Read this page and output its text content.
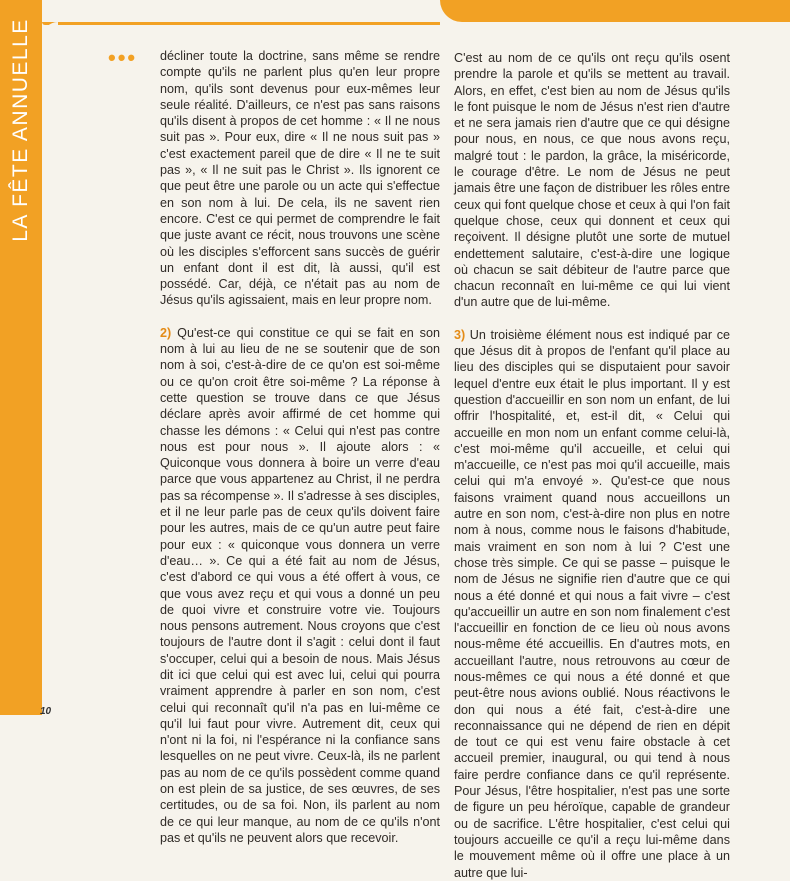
LA FÊTE ANNUELLE
10
••• décliner toute la doctrine, sans même se rendre compte qu'ils ne parlent plus qu'en leur propre nom, qu'ils sont devenus pour eux-mêmes leur seule réalité. D'ailleurs, ce n'est pas sans raisons qu'ils disent à propos de cet homme : « Il ne nous suit pas ». Pour eux, dire « Il ne nous suit pas » c'est exactement pareil que de dire « Il ne te suit pas », « Il ne suit pas le Christ ». Ils ignorent ce que peut être une parole ou un acte qui s'effectue en son nom à lui. De cela, ils ne savent rien encore. C'est ce qui permet de comprendre le fait que juste avant ce récit, nous trouvons une scène où les disciples s'efforcent sans succès de guérir un enfant dont il est dit, là aussi, qu'il est possédé. Car, déjà, ce n'était pas au nom de Jésus qu'ils agissaient, mais en leur propre nom.

2) Qu'est-ce qui constitue ce qui se fait en son nom à lui au lieu de ne se soutenir que de son nom à soi, c'est-à-dire de ce qu'on est soi-même ou ce qu'on croit être soi-même ? La réponse à cette question se trouve dans ce que Jésus déclare après avoir affirmé de cet homme qui chasse les démons : « Celui qui n'est pas contre nous est pour nous ». Il ajoute alors : « Quiconque vous donnera à boire un verre d'eau parce que vous appartenez au Christ, il ne perdra pas sa récompense ». Il s'adresse à ses disciples, et il ne leur parle pas de ceux qu'ils doivent faire pour les autres, mais de ce qu'un autre peut faire pour eux : « quiconque vous donnera un verre d'eau… ». Ce qui a été fait au nom de Jésus, c'est d'abord ce qui vous a été offert à vous, ce que vous avez reçu et qui vous a donné un peu de quoi vivre et construire votre vie. Toujours nous pensons autrement. Nous croyons que c'est toujours de l'autre dont il s'agit : celui dont il faut s'occuper, celui qui a besoin de nous. Mais Jésus dit ici que celui qui est avec lui, celui qui pourra vraiment apprendre à parler en son nom, c'est celui qui reconnaît qu'il n'a pas en lui-même ce qu'il lui faut pour vivre. Autrement dit, ceux qui n'ont ni la foi, ni l'espérance ni la confiance sans lesquelles on ne peut vivre. Ceux-là, ils ne parlent pas au nom de ce qu'ils possèdent comme quand on est plein de sa justice, de ses œuvres, de ses certitudes, ou de sa foi. Non, ils parlent au nom de ce qui leur manque, au nom de ce qu'ils n'ont pas et qu'ils ne peuvent alors que recevoir.

C'est au nom de ce qu'ils ont reçu qu'ils osent prendre la parole et qu'ils se mettent au travail. Alors, en effet, c'est bien au nom de Jésus qu'ils le font puisque le nom de Jésus n'est rien d'autre et ne sera jamais rien d'autre que ce qui désigne pour nous, en nous, ce que nous avons reçu, malgré tout : le pardon, la grâce, la miséricorde, le courage d'être. Le nom de Jésus ne peut jamais être une façon de distribuer les rôles entre ceux qui font quelque chose et ceux à qui l'on fait quelque chose, ceux qui donnent et ceux qui reçoivent. Il désigne plutôt une sorte de mutuel endettement salutaire, c'est-à-dire une logique où chacun se sait débiteur de l'autre parce que chacun reconnaît en lui-même ce qui lui vient d'un autre que de lui-même.

3) Un troisième élément nous est indiqué par ce que Jésus dit à propos de l'enfant qu'il place au lieu des disciples qui se disputaient pour savoir lequel d'entre eux était le plus important. Il y est question d'accueillir en son nom un enfant, de lui offrir l'hospitalité, et, est-il dit, « Celui qui accueille en mon nom un enfant comme celui-là, c'est moi-même qu'il accueille, et celui qui m'accueille, ce n'est pas moi qu'il accueille, mais celui qui m'a envoyé ». Qu'est-ce que nous faisons vraiment quand nous accueillons un autre en son nom, c'est-à-dire non plus en notre nom à nous, comme nous le faisons d'habitude, mais vraiment en son nom à lui ? C'est une chose très simple. Ce qui se passe – puisque le nom de Jésus ne signifie rien d'autre que ce qui nous a été donné et qui nous a fait vivre – c'est qu'accueillir un autre en son nom finalement c'est l'accueillir en fonction de ce lieu où nous avons nous-même été accueillis. En d'autres mots, en accueillant l'autre, nous retrouvons au cœur de nous-mêmes ce qui nous a été donné et que peut-être nous avions oublié. Nous réactivons le don qui nous a été fait, c'est-à-dire une reconnaissance qui ne dépend de rien en dépit de tout ce qui est venu faire obstacle à cet accueil premier, inaugural, ou qui tend à nous faire perdre confiance dans ce qu'il représente. Pour Jésus, l'être hospitalier, n'est pas une sorte de figure un peu héroïque, capable de grandeur ou de sacrifice. L'être hospitalier, c'est celui qui toujours accueille ce qu'il a reçu lui-même dans le mouvement même où il offre une place à un autre que lui-
